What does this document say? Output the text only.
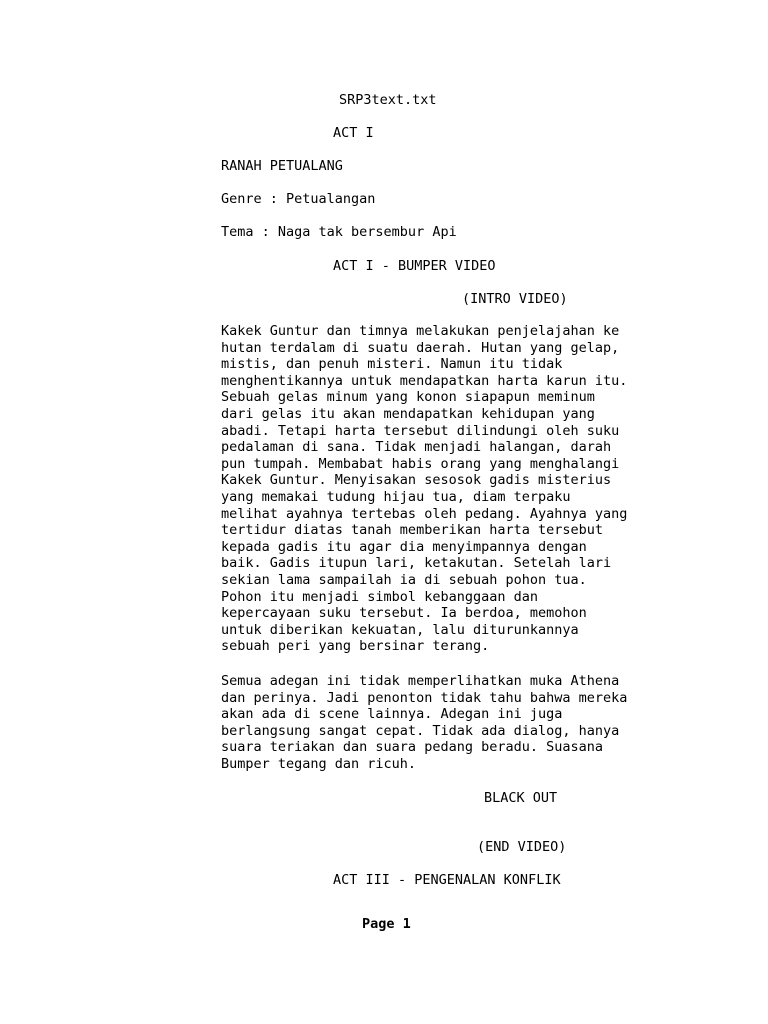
SRP3text.txt
ACT I
RANAH PETUALANG
Genre : Petualangan
Tema : Naga tak bersembur Api
ACT I - BUMPER VIDEO
(INTRO VIDEO)
Kakek Guntur dan timnya melakukan penjelajahan ke
hutan terdalam di suatu daerah. Hutan yang gelap,
mistis, dan penuh misteri. Namun itu tidak
menghentikannya untuk mendapatkan harta karun itu.
Sebuah gelas minum yang konon siapapun meminum
dari gelas itu akan mendapatkan kehidupan yang
abadi. Tetapi harta tersebut dilindungi oleh suku
pedalaman di sana. Tidak menjadi halangan, darah
pun tumpah. Membabat habis orang yang menghalangi
Kakek Guntur. Menyisakan sesosok gadis misterius
yang memakai tudung hijau tua, diam terpaku
melihat ayahnya tertebas oleh pedang. Ayahnya yang
tertidur diatas tanah memberikan harta tersebut
kepada gadis itu agar dia menyimpannya dengan
baik. Gadis itupun lari, ketakutan. Setelah lari
sekian lama sampailah ia di sebuah pohon tua.
Pohon itu menjadi simbol kebanggaan dan
kepercayaan suku tersebut. Ia berdoa, memohon
untuk diberikan kekuatan, lalu diturunkannya
sebuah peri yang bersinar terang.
Semua adegan ini tidak memperlihatkan muka Athena
dan perinya. Jadi penonton tidak tahu bahwa mereka
akan ada di scene lainnya. Adegan ini juga
berlangsung sangat cepat. Tidak ada dialog, hanya
suara teriakan dan suara pedang beradu. Suasana
Bumper tegang dan ricuh.
BLACK OUT
(END VIDEO)
ACT III - PENGENALAN KONFLIK
Page 1
